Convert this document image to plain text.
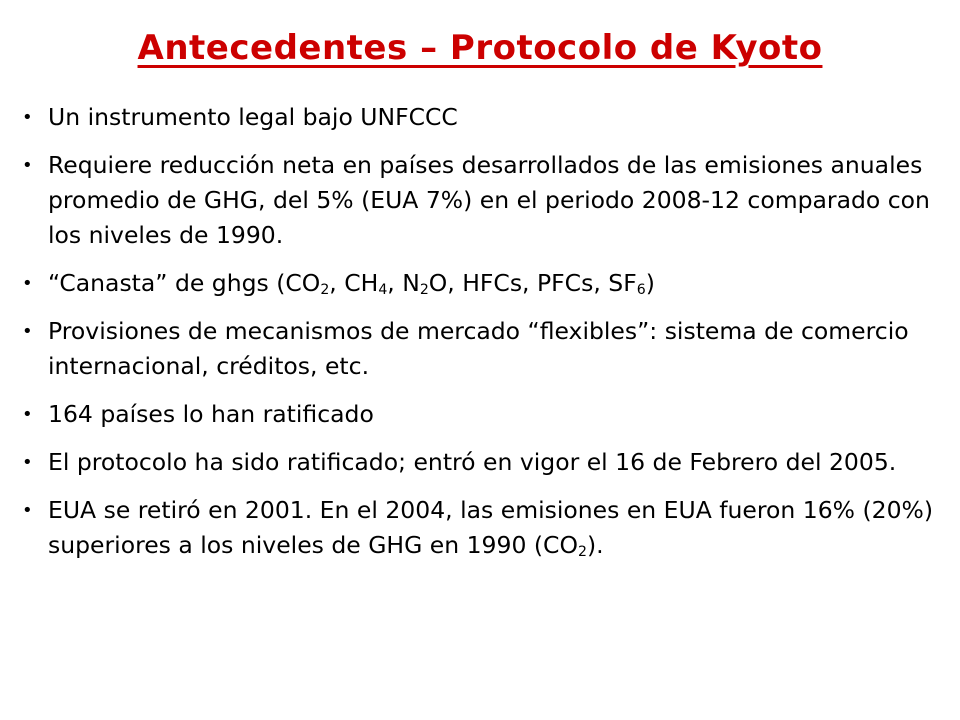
Antecedentes – Protocolo de Kyoto
• Un instrumento legal bajo UNFCCC
• Requiere reducción neta en países desarrollados de las emisiones anuales promedio de GHG, del 5% (EUA 7%) en el periodo 2008-12 comparado con los niveles de 1990.
• “Canasta” de ghgs ($CO_2$, $CH_4$, $N_2O$, HFCs, PFCs, $SF_6$)
• Provisiones de mecanismos de mercado “flexibles”: sistema de comercio internacional, créditos, etc.
• 164 países lo han ratificado
• El protocolo ha sido ratificado; entró en vigor el 16 de Febrero del 2005.
• EUA se retiró en 2001. En el 2004, las emisiones en EUA fueron 16% (20%) superiores a los niveles de GHG en 1990 $(CO_2)$.
